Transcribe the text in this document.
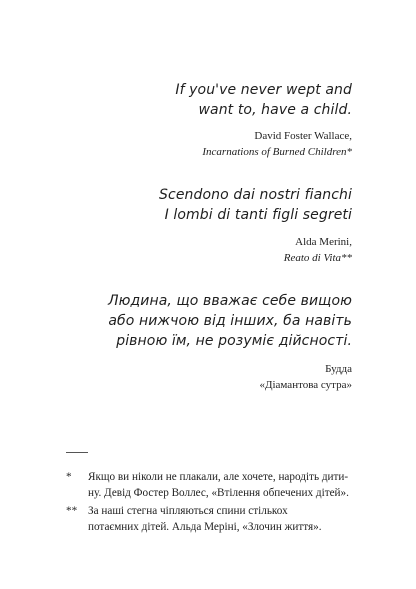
If you've never wept and
want to, have a child.
David Foster Wallace,
Incarnations of Burned Children*
Scendono dai nostri fianchi
I lombi di tanti figli segreti
Alda Merini,
Reato di Vita**
Людина, що вважає себе вищою
або нижчою від інших, ба навіть
рівною їм, не розуміє дійсності.
Будда
«Діамантова сутра»
* Якщо ви ніколи не плакали, але хочете, народіть дити-
ну. Девід Фостер Воллес, «Втілення обпечених дітей».
** За наші стегна чіпляються спини стількох
потаємних дітей. Альда Меріні, «Злочин життя».
